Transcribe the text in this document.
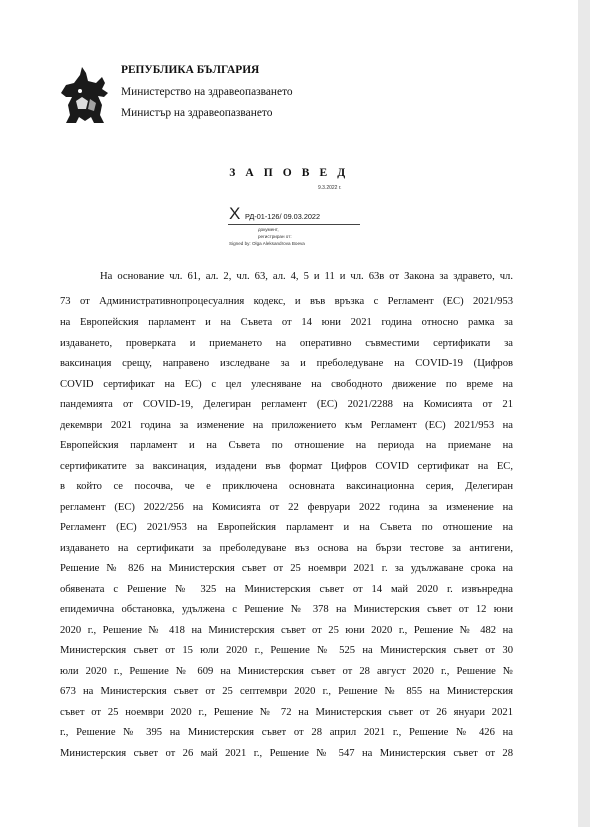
РЕПУБЛИКА БЪЛГАРИЯ
Министерство на здравеопазването
Министър на здравеопазването
З А П О В Е Д
9.3.2022 г.
X РД-01-126/ 09.03.2022
документ,
регистриран от:
Signed by: Olga Aleksandrova Boeva
На основание чл. 61, ал. 2, чл. 63, ал. 4, 5 и 11 и чл. 63в от Закона за здравето, чл.
73 от Административнопроцесуалния кодекс, и във връзка с Регламент (ЕС) 2021/953
на Европейския парламент и на Съвета от 14 юни 2021 година относно рамка за
издаването, проверката и приемането на оперативно съвместими сертификати за
ваксинация срещу, направено изследване за и преболедуване на COVID-19 (Цифров
COVID сертификат на ЕС) с цел улесняване на свободното движение по време на
пандемията от COVID-19, Делегиран регламент (ЕС) 2021/2288 на Комисията от 21
декември 2021 година за изменение на приложението към Регламент (ЕС) 2021/953 на
Европейския парламент и на Съвета по отношение на периода на приемане на
сертификатите за ваксинация, издадени във формат Цифров COVID сертификат на ЕС,
в който се посочва, че е приключена основната ваксинационна серия, Делегиран
регламент (ЕС) 2022/256 на Комисията от 22 февруари 2022 година за изменение на
Регламент (ЕС) 2021/953 на Европейския парламент и на Съвета по отношение на
издаването на сертификати за преболедуване въз основа на бързи тестове за антигени,
Решение № 826 на Министерския съвет от 25 ноември 2021 г. за удължаване срока на
обявената с Решение № 325 на Министерския съвет от 14 май 2020 г. извънредна
епидемична обстановка, удължена с Решение № 378 на Министерския съвет от 12 юни
2020 г., Решение № 418 на Министерския съвет от 25 юни 2020 г., Решение № 482 на
Министерския съвет от 15 юли 2020 г., Решение № 525 на Министерския съвет от 30
юли 2020 г., Решение № 609 на Министерския съвет от 28 август 2020 г., Решение №
673 на Министерския съвет от 25 септември 2020 г., Решение № 855 на Министерския
съвет от 25 ноември 2020 г., Решение № 72 на Министерския съвет от 26 януари 2021
г., Решение № 395 на Министерския съвет от 28 април 2021 г., Решение № 426 на
Министерския съвет от 26 май 2021 г., Решение № 547 на Министерския съвет от 28
